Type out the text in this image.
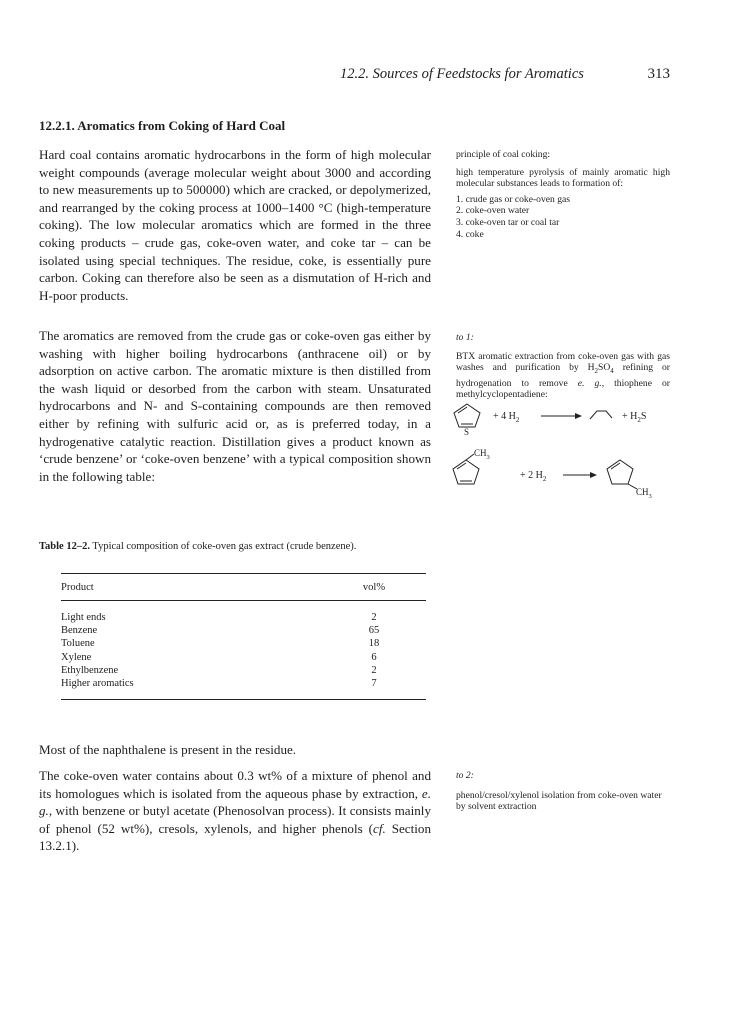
12.2. Sources of Feedstocks for Aromatics	313
12.2.1. Aromatics from Coking of Hard Coal

Hard coal contains aromatic hydrocarbons in the form of high molecular weight compounds (average molecular weight about 3000 and according to new measurements up to 500000) which are cracked, or depolymerized, and rearranged by the coking process at 1000–1400 °C (high-temperature coking). The low molecular aromatics which are formed in the three coking products – crude gas, coke-oven water, and coke tar – can be isolated using special techniques. The residue, coke, is essentially pure carbon. Coking can therefore also be seen as a dismutation of H-rich and H-poor products.

The aromatics are removed from the crude gas or coke-oven gas either by washing with higher boiling hydrocarbons (anthracene oil) or by adsorption on active carbon. The aromatic mixture is then distilled from the wash liquid or desorbed from the carbon with steam. Unsaturated hydrocarbons and N- and S-containing compounds are then removed either by refining with sulfuric acid or, as is preferred today, in a hydrogenative catalytic reaction. Distillation gives a product known as ‘crude benzene’ or ‘coke-oven benzene’ with a typical composition shown in the following table:

principle of coal coking:

high temperature pyrolysis of mainly aromatic high molecular substances leads to formation of:

1. crude gas or coke-oven gas
2. coke-oven water
3. coke-oven tar or coal tar
4. coke

to 1:

BTX aromatic extraction from coke-oven gas with gas washes and purification by $H_2SO_4$ refining or hydrogenation to remove e. g., thiophene or methylcyclopentadiene:

S
+ 4 $H_2$	+ $H_2S$
$CH_3$
+ 2 $H_2$
$CH_3$
Table 12–2. Typical composition of coke-oven gas extract (crude benzene).
Product	vol%
Light ends	2
Benzene	65
Toluene	18
Xylene	6
Ethylbenzene	2
Higher aromatics	7

Most of the naphthalene is present in the residue.

The coke-oven water contains about 0.3 wt% of a mixture of phenol and its homologues which is isolated from the aqueous phase by extraction, e. g., with benzene or butyl acetate (Phenosolvan process). It consists mainly of phenol (52 wt%), cresols, xylenols, and higher phenols (cf. Section 13.2.1).

to 2:

phenol/cresol/xylenol isolation from coke-oven water by solvent extraction
